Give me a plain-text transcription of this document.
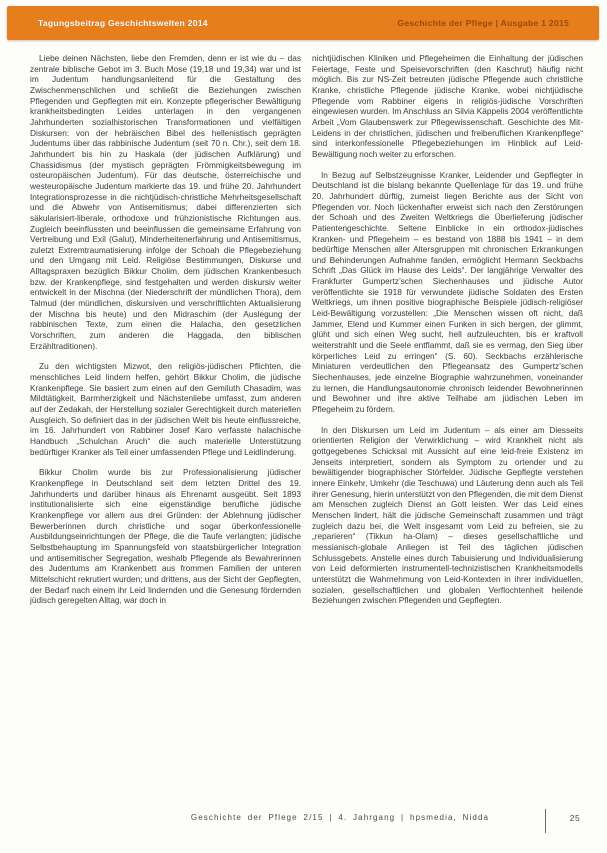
Tagungsbeitrag Geschichtswelten 2014	Geschichte der Pflege | Ausgabe 1 2015

Liebe deinen Nächsten, liebe den Fremden, denn er ist wie du – das zentrale biblische Gebot im 3. Buch Mose (19,18 und 19,34) war und ist im Judentum handlungsanleitend für die Gestaltung des Zwischenmenschlichen und schließt die Beziehungen zwischen Pflegenden und Gepflegten mit ein. Konzepte pflegerischer Bewältigung krankheitsbedingten Leides unterlagen in den vergangenen Jahrhunderten sozialhistorischen Transformationen und vielfältigen Diskursen: von der hebräischen Bibel des hellenistisch geprägten Judentums über das rabbinische Judentum (seit 70 n. Chr.), seit dem 18. Jahrhundert bis hin zu Haskala (der jüdischen Aufklärung) und Chassidismus (der mystisch geprägten Frömmigkeitsbewegung im osteuropäischen Judentum). Für das deutsche, österreichische und westeuropäische Judentum markierte das 19. und frühe 20. Jahrhundert Integrationsprozesse in die nichtjüdisch-christliche Mehrheitsgesellschaft und die Abwehr von Antisemitismus; dabei differenzierten sich säkularisiert-liberale, orthodoxe und frühzionistische Richtungen aus. Zugleich beeinflussten und beeinflussen die gemeinsame Erfahrung von Vertreibung und Exil (Galut), Minderheitenerfahrung und Antisemitismus, zuletzt Extremtraumatisierung infolge der Schoah die Pflegebeziehung und den Umgang mit Leid. Religiöse Bestimmungen, Diskurse und Alltagspraxen bezüglich Bikkur Cholim, dem jüdischen Krankenbesuch bzw. der Krankenpflege, sind festgehalten und werden diskursiv weiter entwickelt in der Mischna (der Niederschrift der mündlichen Thora), dem Talmud (der mündlichen, diskursiven und verschriftlichten Aktualisierung der Mischna bis heute) und den Midraschim (der Auslegung der rabbinischen Texte, zum einen die Halacha, den gesetzlichen Vorschriften, zum anderen die Haggada, den biblischen Erzähltraditionen).

Zu den wichtigsten Mizwot, den religiös-jüdischen Pflichten, die menschliches Leid lindern helfen, gehört Bikkur Cholim, die jüdische Krankenpflege. Sie basiert zum einen auf den Gemiluth Chasadim, was Mildtätigkeit, Barmherzigkeit und Nächstenliebe umfasst, zum anderen auf der Zedakah, der Herstellung sozialer Gerechtigkeit durch materiellen Ausgleich. So definiert das in der jüdischen Welt bis heute einflussreiche, im 16. Jahrhundert von Rabbiner Josef Karo verfasste halachische Handbuch „Schulchan Aruch“ die auch materielle Unterstützung bedürftiger Kranker als Teil einer umfassenden Pflege und Leidlinderung.

Bikkur Cholim wurde bis zur Professionalisierung jüdischer Krankenpflege in Deutschland seit dem letzten Drittel des 19. Jahrhunderts und darüber hinaus als Ehrenamt ausgeübt. Seit 1893 institutionalisierte sich eine eigenständige berufliche jüdische Krankenpflege vor allem aus drei Gründen: der Ablehnung jüdischer Bewerberinnen durch christliche und sogar überkonfessionelle Ausbildungseinrichtungen der Pflege, die die Taufe verlangten; jüdische Selbstbehauptung im Spannungsfeld von staatsbürgerlicher Integration und antisemitischer Segregation, weshalb Pflegende als Bewahrerinnen des Judentums am Krankenbett aus frommen Familien der unteren Mittelschicht rekrutiert wurden; und drittens, aus der Sicht der Gepflegten, der Bedarf nach einem ihr Leid lindernden und die Genesung fördernden jüdisch geregelten Alltag, war doch in

nichtjüdischen Kliniken und Pflegeheimen die Einhaltung der jüdischen Feiertage, Feste und Speisevorschriften (den Kaschrut) häufig nicht möglich. Bis zur NS-Zeit betreuten jüdische Pflegende auch christliche Kranke, christliche Pflegende jüdische Kranke, wobei nichtjüdische Pflegende vom Rabbiner eigens in religiös-jüdische Vorschriften eingewiesen wurden. Im Anschluss an Silvia Käppelis 2004 veröffentlichte Arbeit „Vom Glaubenswerk zur Pflegewissenschaft. Geschichte des Mit-Leidens in der christlichen, jüdischen und freiberuflichen Krankenpflege“ sind interkonfessionelle Pflegebeziehungen im Hinblick auf Leid-Bewältigung noch weiter zu erforschen.

In Bezug auf Selbstzeugnisse Kranker, Leidender und Gepflegter in Deutschland ist die bislang bekannte Quellenlage für das 19. und frühe 20. Jahrhundert dürftig, zumeist liegen Berichte aus der Sicht von Pflegenden vor. Noch lückenhafter erweist sich nach den Zerstörungen der Schoah und des Zweiten Weltkriegs die Überlieferung jüdischer Patientengeschichte. Seltene Einblicke in ein orthodox-jüdisches Kranken- und Pflegeheim – es bestand von 1888 bis 1941 – in dem bedürftige Menschen aller Altersgruppen mit chronischen Erkrankungen und Behinderungen Aufnahme fanden, ermöglicht Hermann Seckbachs Schrift „Das Glück im Hause des Leids“. Der langjährige Verwalter des Frankfurter Gumpertz’schen Siechenhauses und jüdische Autor veröffentlichte sie 1918 für verwundete jüdische Soldaten des Ersten Weltkriegs, um ihnen positive biographische Beispiele jüdisch-religiöser Leid-Bewältigung vorzustellen: „Die Menschen wissen oft nicht, daß Jammer, Elend und Kummer einen Funken in sich bergen, der glimmt, glüht und sich einen Weg sucht, hell aufzuleuchten, bis er kraftvoll weiterstrahlt und die Seele entflammt, daß sie es vermag, den Sieg über körperliches Leid zu erringen“ (S. 60). Seckbachs erzählerische Miniaturen verdeutlichen den Pflegeansatz des Gumpertz’schen Siechenhauses, jede einzelne Biographie wahrzunehmen, voneinander zu lernen, die Handlungsautonomie chronisch leidender Bewohnerinnen und Bewohner und ihre aktive Teilhabe am jüdischen Leben im Pflegeheim zu fördern.

In den Diskursen um Leid im Judentum – als einer am Diesseits orientierten Religion der Verwirklichung – wird Krankheit nicht als gottgegebenes Schicksal mit Aussicht auf eine leid-freie Existenz im Jenseits interpretiert, sondern als Symptom zu ortender und zu bewältigender biographischer Störfelder. Jüdische Gepflegte verstehen innere Einkehr, Umkehr (die Teschuwa) und Läuterung denn auch als Teil ihrer Genesung, hierin unterstützt von den Pflegenden, die mit dem Dienst am Menschen zugleich Dienst an Gott leisten. Wer das Leid eines Menschen lindert, hält die jüdische Gemeinschaft zusammen und trägt zugleich dazu bei, die Welt insgesamt vom Leid zu befreien, sie zu „reparieren“ (Tikkun ha-Olam) – dieses gesellschaftliche und messianisch-globale Anliegen ist Teil des täglichen jüdischen Schlussgebets. Anstelle eines durch Tabuisierung und Individualisierung von Leid deformierten instrumentell-technizistischen Krankheitsmodells unterstützt die Wahrnehmung von Leid-Kontexten in ihrer individuellen, sozialen, gesellschaftlichen und globalen Verflochtenheit heilende Beziehungen zwischen Pflegenden und Gepflegten.

Geschichte der Pflege 2/15 | 4. Jahrgang | hpsmedia, Nidda	25
